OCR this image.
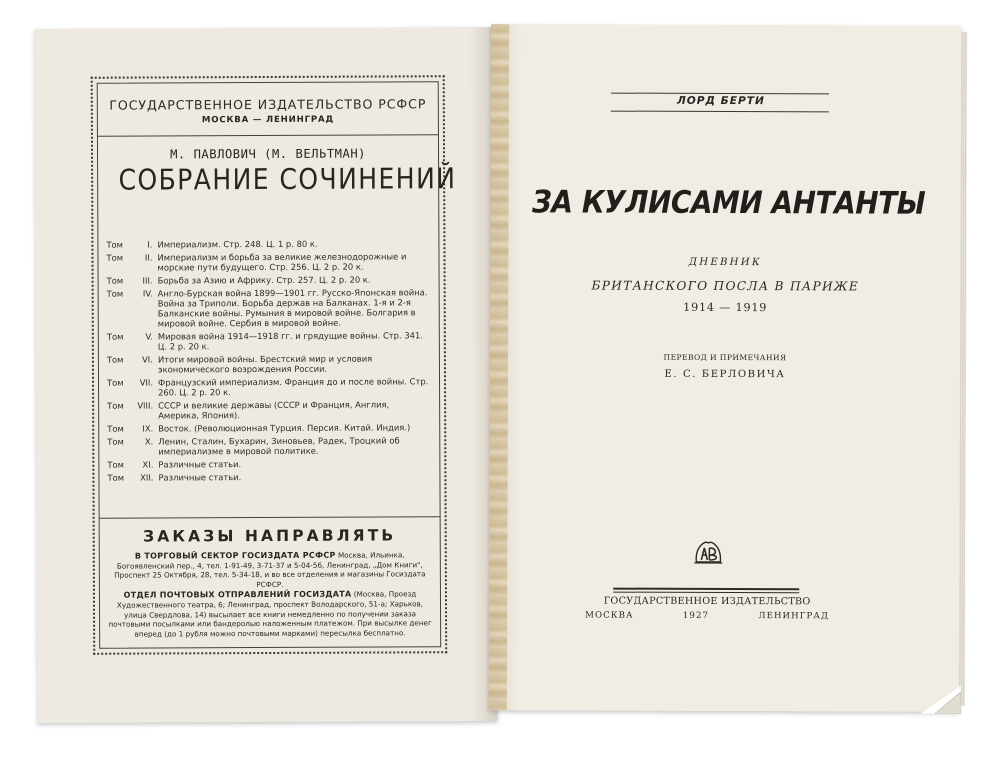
ГОСУДАРСТВЕННОЕ ИЗДАТЕЛЬСТВО РСФСР
МОСКВА — ЛЕНИНГРАД
М. ПАВЛОВИЧ (М. ВЕЛЬТМАН)
СОБРАНИЕ СОЧИНЕНИЙ
Том	I. Империализм. Стр. 248. Ц. 1 р. 80 к.
Том	II. Империализм и борьба за великие железнодорожные и морские пути будущего. Стр. 256. Ц. 2 р. 20 к.
Том	III. Борьба за Азию и Африку. Стр. 257. Ц. 2 р. 20 к.
Том	IV. Англо-Бурская война 1899—1901 гг. Русско-Японская война. Война за Триполи. Борьба держав на Балканах. 1-я и 2-я Балканские войны. Румыния в мировой войне. Болгария в мировой войне. Сербия в мировой войне.
Том	V. Мировая война 1914—1918 гг. и грядущие войны. Стр. 341. Ц. 2 р. 20 к.
Том	VI. Итоги мировой войны. Брестский мир и условия экономического возрождения России.
Том	VII. Французский империализм. Франция до и после войны. Стр. 260. Ц. 2 р. 20 к.
Том	VIII. СССР и великие державы (СССР и Франция, Англия, Америка, Япония).
Том	IX. Восток. (Революционная Турция. Персия. Китай. Индия.)
Том	X. Ленин, Сталин, Бухарин, Зиновьев, Радек, Троцкий об империализме в мировой политике.
Том	XI. Различные статьи.
Том	XII. Различные статьи.
ЗАКАЗЫ НАПРАВЛЯТЬ
В ТОРГОВЫЙ СЕКТОР ГОСИЗДАТА РСФСР Москва, Ильинка, Богоявленский пер., 4, тел. 1-91-49, 3-71-37 и 5-04-56, Ленинград, „Дом Книги", Проспект 25 Октября, 28, тел. 5-34-18, и во все отделения и магазины Госиздата РСФСР.
ОТДЕЛ ПОЧТОВЫХ ОТПРАВЛЕНИЙ ГОСИЗДАТА (Москва, Проезд Художественного театра, 6; Ленинград, проспект Володарского, 51-а; Харьков, улица Свердлова, 14) высылает все книги немедленно по получении заказа почтовыми посылками или бандеролью наложенным платежом. При высылке денег вперед (до 1 рубля можно почтовыми марками) пересылка бесплатно.
ЛОРД БЕРТИ
ЗА КУЛИСАМИ АНТАНТЫ
ДНЕВНИК
БРИТАНСКОГО ПОСЛА В ПАРИЖЕ
1914 — 1919
ПЕРЕВОД И ПРИМЕЧАНИЯ
Е. С. БЕРЛОВИЧА
ГОСУДАРСТВЕННОЕ ИЗДАТЕЛЬСТВО
МОСКВА	1927	ЛЕНИНГРАД
